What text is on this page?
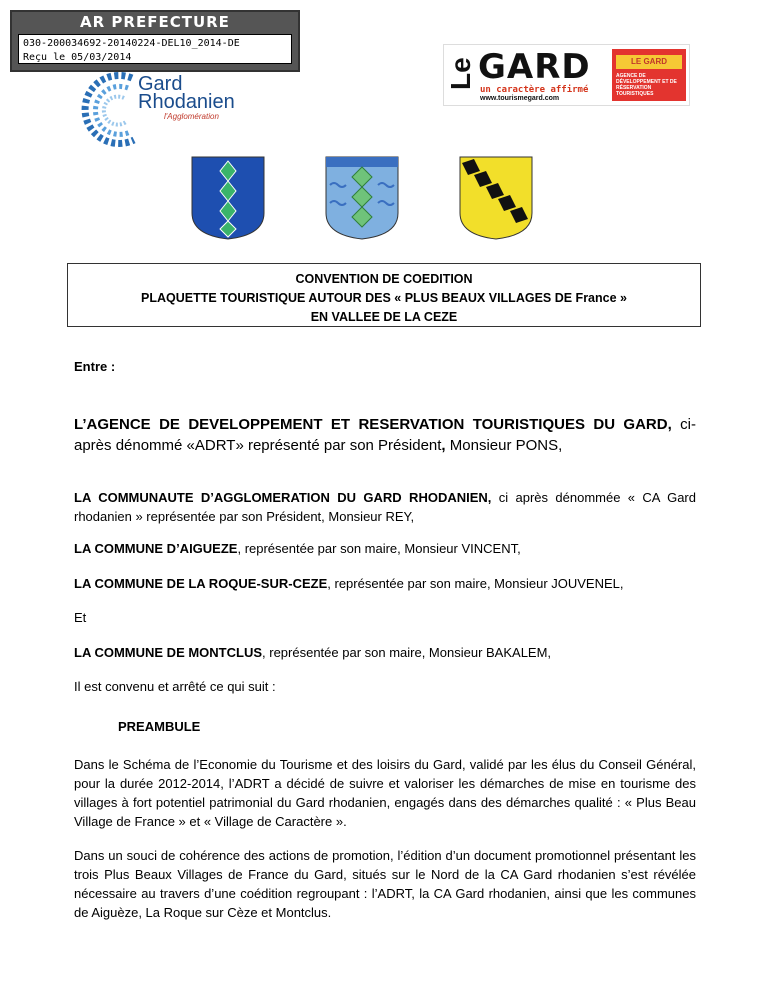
AR PREFECTURE
030-200034692-20140224-DEL10_2014-DE
Reçu le 05/03/2014
Gard
Rhodanien
l'Agglomération
Le GARD
un caractère affirmé
www.tourismegard.com
LE GARD
AGENCE DE DÉVELOPPEMENT ET DE RÉSERVATION TOURISTIQUES
CONVENTION DE COEDITION
PLAQUETTE TOURISTIQUE AUTOUR DES « PLUS BEAUX VILLAGES DE France »
EN VALLEE DE LA CEZE
Entre :
L’AGENCE DE DEVELOPPEMENT ET RESERVATION TOURISTIQUES DU GARD, ci-après dénommé «ADRT» représenté par son Président, Monsieur PONS,
LA COMMUNAUTE D’AGGLOMERATION DU GARD RHODANIEN, ci après dénommée « CA Gard rhodanien » représentée par son Président, Monsieur REY,
LA COMMUNE D’AIGUEZE, représentée par son maire, Monsieur VINCENT,
LA COMMUNE DE LA ROQUE-SUR-CEZE, représentée par son maire, Monsieur JOUVENEL,
Et
LA COMMUNE DE MONTCLUS, représentée par son maire, Monsieur BAKALEM,
Il est convenu et arrêté ce qui suit :
PREAMBULE
Dans le Schéma de l’Economie du Tourisme et des loisirs du Gard, validé par les élus du Conseil Général, pour la durée 2012-2014, l’ADRT a décidé de suivre et valoriser les démarches de mise en tourisme des villages à fort potentiel patrimonial du Gard rhodanien, engagés dans des démarches qualité : « Plus Beau Village de France » et « Village de Caractère ».
Dans un souci de cohérence des actions de promotion, l’édition d’un document promotionnel présentant les trois Plus Beaux Villages de France du Gard, situés sur le Nord de la CA Gard rhodanien s’est révélée nécessaire au travers d’une coédition regroupant : l’ADRT, la CA Gard rhodanien, ainsi que les communes de Aiguèze, La Roque sur Cèze et Montclus.
